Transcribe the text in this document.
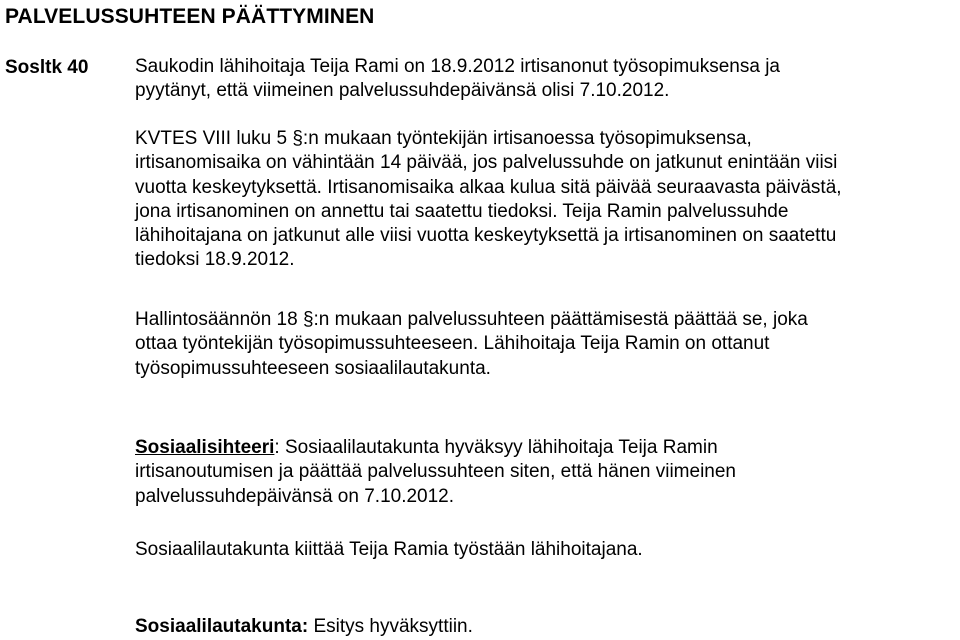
PALVELUSSUHTEEN PÄÄTTYMINEN
Sosltk 40 Saukodin lähihoitaja Teija Rami on 18.9.2012 irtisanonut työsopimuksensa ja
pyytänyt, että viimeinen palvelussuhdepäivänsä olisi 7.10.2012.
KVTES VIII luku 5 §:n mukaan työntekijän irtisanoessa työsopimuksensa,
irtisanomisaika on vähintään 14 päivää, jos palvelussuhde on jatkunut enintään viisi
vuotta keskeytyksettä. Irtisanomisaika alkaa kulua sitä päivää seuraavasta päivästä,
jona irtisanominen on annettu tai saatettu tiedoksi. Teija Ramin palvelussuhde
lähihoitajana on jatkunut alle viisi vuotta keskeytyksettä ja irtisanominen on saatettu
tiedoksi 18.9.2012.
Hallintosäännön 18 §:n mukaan palvelussuhteen päättämisestä päättää se, joka
ottaa työntekijän työsopimussuhteeseen. Lähihoitaja Teija Ramin on ottanut
työsopimussuhteeseen sosiaalilautakunta.
Sosiaalisihteeri: Sosiaalilautakunta hyväksyy lähihoitaja Teija Ramin
irtisanoutumisen ja päättää palvelussuhteen siten, että hänen viimeinen
palvelussuhdepäivänsä on 7.10.2012.
Sosiaalilautakunta kiittää Teija Ramia työstään lähihoitajana.
Sosiaalilautakunta: Esitys hyväksyttiin.
